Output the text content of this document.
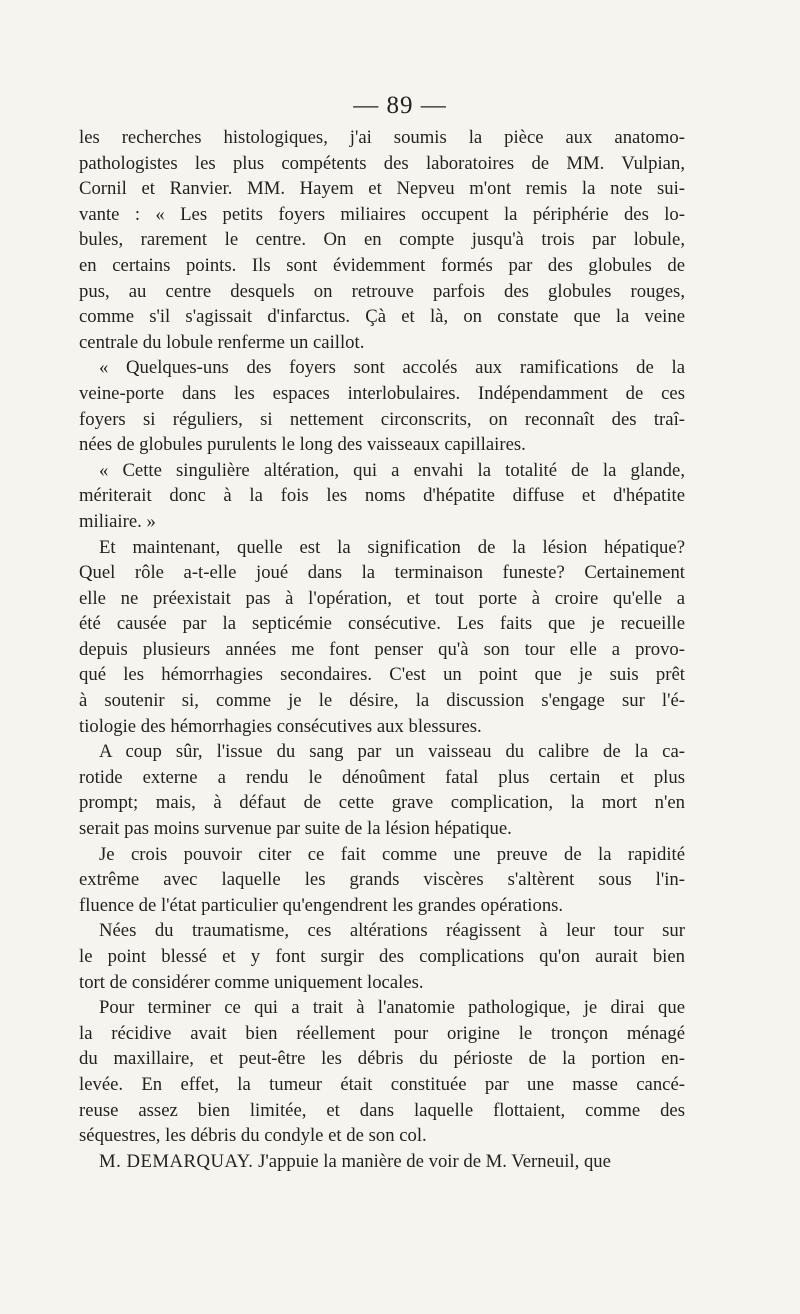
— 89 —
les recherches histologiques, j'ai soumis la pièce aux anatomo-
pathologistes les plus compétents des laboratoires de MM. Vulpian,
Cornil et Ranvier. MM. Hayem et Nepveu m'ont remis la note sui-
vante : « Les petits foyers miliaires occupent la périphérie des lo-
bules, rarement le centre. On en compte jusqu'à trois par lobule,
en certains points. Ils sont évidemment formés par des globules de
pus, au centre desquels on retrouve parfois des globules rouges,
comme s'il s'agissait d'infarctus. Çà et là, on constate que la veine
centrale du lobule renferme un caillot.
« Quelques-uns des foyers sont accolés aux ramifications de la
veine-porte dans les espaces interlobulaires. Indépendamment de ces
foyers si réguliers, si nettement circonscrits, on reconnaît des traî-
nées de globules purulents le long des vaisseaux capillaires.
« Cette singulière altération, qui a envahi la totalité de la glande,
mériterait donc à la fois les noms d'hépatite diffuse et d'hépatite
miliaire. »
Et maintenant, quelle est la signification de la lésion hépatique?
Quel rôle a-t-elle joué dans la terminaison funeste? Certainement
elle ne préexistait pas à l'opération, et tout porte à croire qu'elle a
été causée par la septicémie consécutive. Les faits que je recueille
depuis plusieurs années me font penser qu'à son tour elle a provo-
qué les hémorrhagies secondaires. C'est un point que je suis prêt
à soutenir si, comme je le désire, la discussion s'engage sur l'é-
tiologie des hémorrhagies consécutives aux blessures.
A coup sûr, l'issue du sang par un vaisseau du calibre de la ca-
rotide externe a rendu le dénoûment fatal plus certain et plus
prompt; mais, à défaut de cette grave complication, la mort n'en
serait pas moins survenue par suite de la lésion hépatique.
Je crois pouvoir citer ce fait comme une preuve de la rapidité
extrême avec laquelle les grands viscères s'altèrent sous l'in-
fluence de l'état particulier qu'engendrent les grandes opérations.
Nées du traumatisme, ces altérations réagissent à leur tour sur
le point blessé et y font surgir des complications qu'on aurait bien
tort de considérer comme uniquement locales.
Pour terminer ce qui a trait à l'anatomie pathologique, je dirai que
la récidive avait bien réellement pour origine le tronçon ménagé
du maxillaire, et peut-être les débris du périoste de la portion en-
levée. En effet, la tumeur était constituée par une masse cancé-
reuse assez bien limitée, et dans laquelle flottaient, comme des
séquestres, les débris du condyle et de son col.
M. DEMARQUAY. J'appuie la manière de voir de M. Verneuil, que
